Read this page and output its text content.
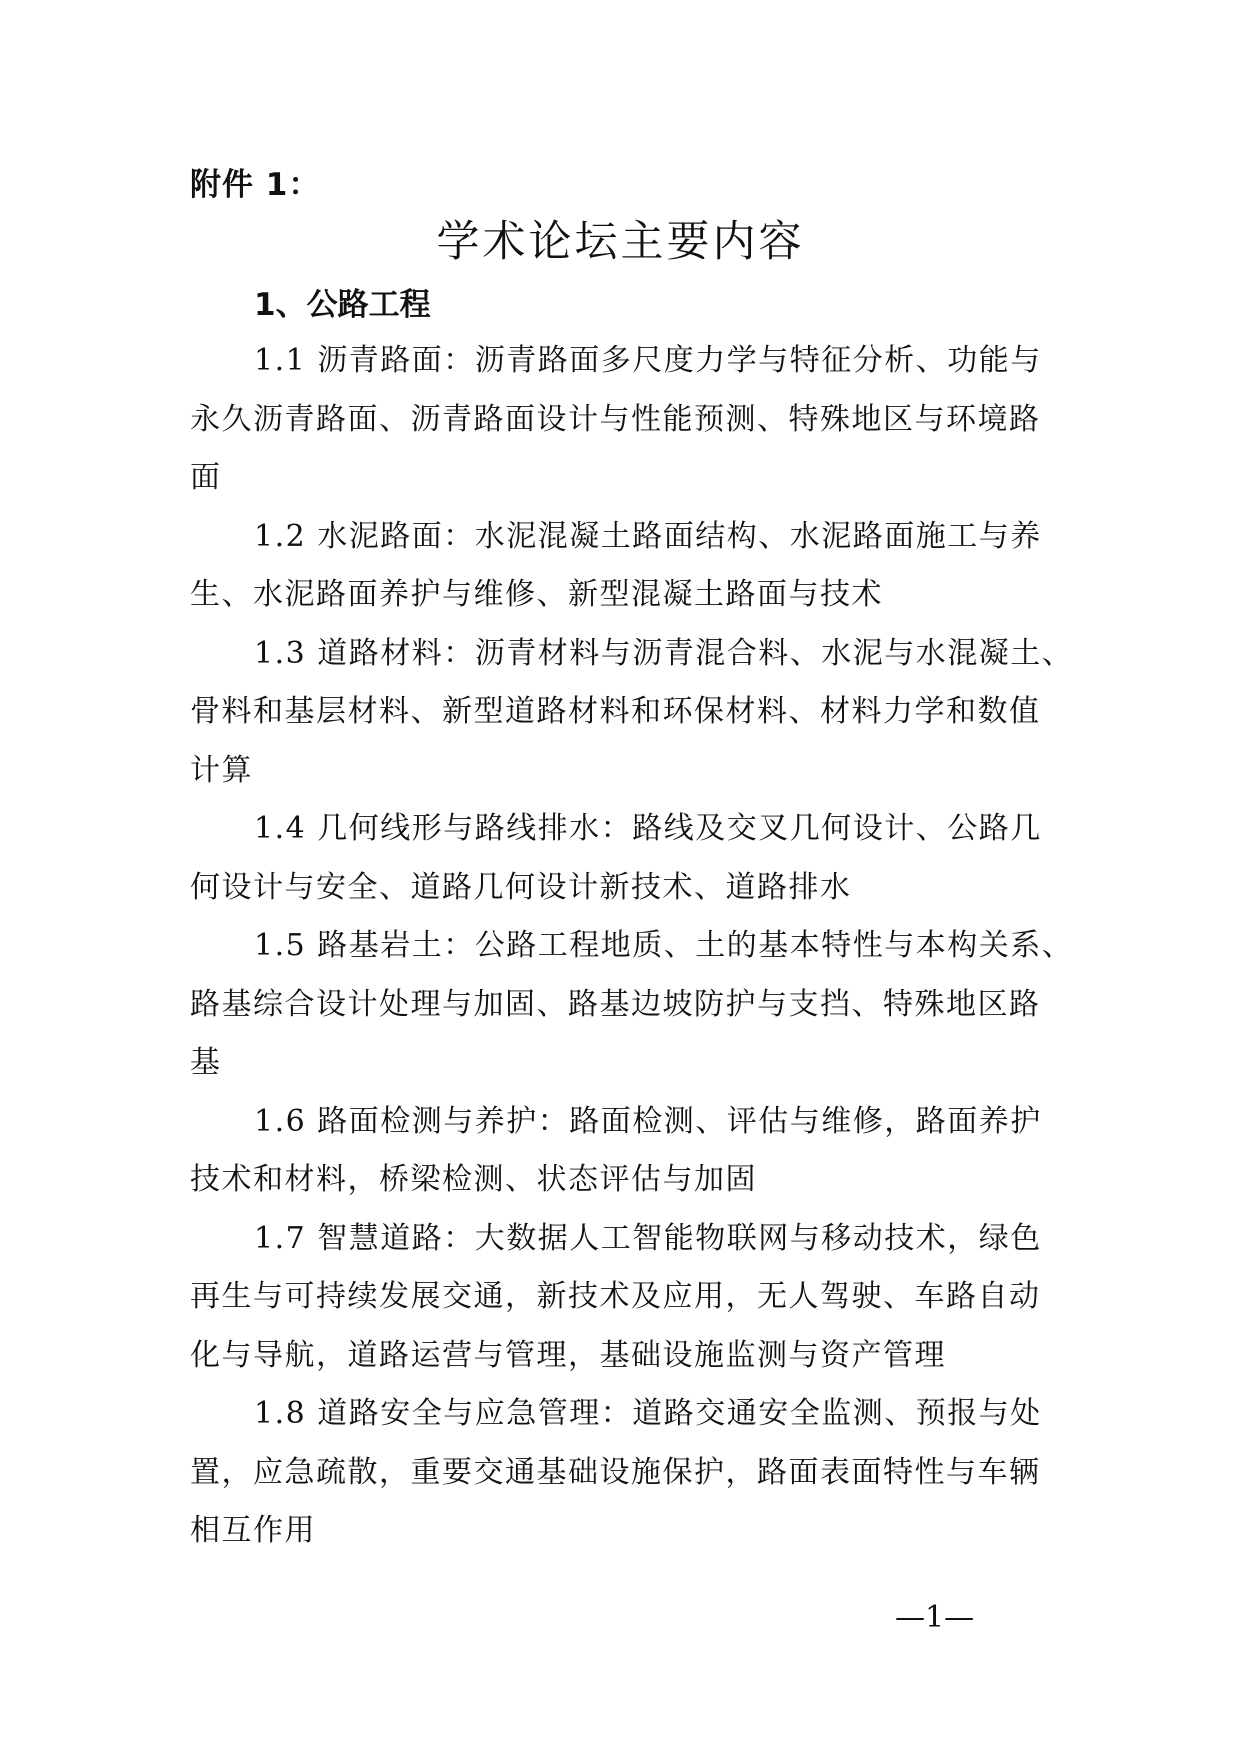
附件 1：
学术论坛主要内容
1、公路工程

1.1 沥青路面：沥青路面多尺度力学与特征分析、功能与
永久沥青路面、沥青路面设计与性能预测、特殊地区与环境路
面

1.2 水泥路面：水泥混凝土路面结构、水泥路面施工与养
生、水泥路面养护与维修、新型混凝土路面与技术

1.3 道路材料：沥青材料与沥青混合料、水泥与水混凝土、
骨料和基层材料、新型道路材料和环保材料、材料力学和数值
计算

1.4 几何线形与路线排水：路线及交叉几何设计、公路几
何设计与安全、道路几何设计新技术、道路排水

1.5 路基岩土：公路工程地质、土的基本特性与本构关系、
路基综合设计处理与加固、路基边坡防护与支挡、特殊地区路
基

1.6 路面检测与养护：路面检测、评估与维修，路面养护
技术和材料，桥梁检测、状态评估与加固

1.7 智慧道路：大数据人工智能物联网与移动技术，绿色
再生与可持续发展交通，新技术及应用，无人驾驶、车路自动
化与导航，道路运营与管理，基础设施监测与资产管理

1.8 道路安全与应急管理：道路交通安全监测、预报与处
置，应急疏散，重要交通基础设施保护，路面表面特性与车辆
相互作用

—1—
